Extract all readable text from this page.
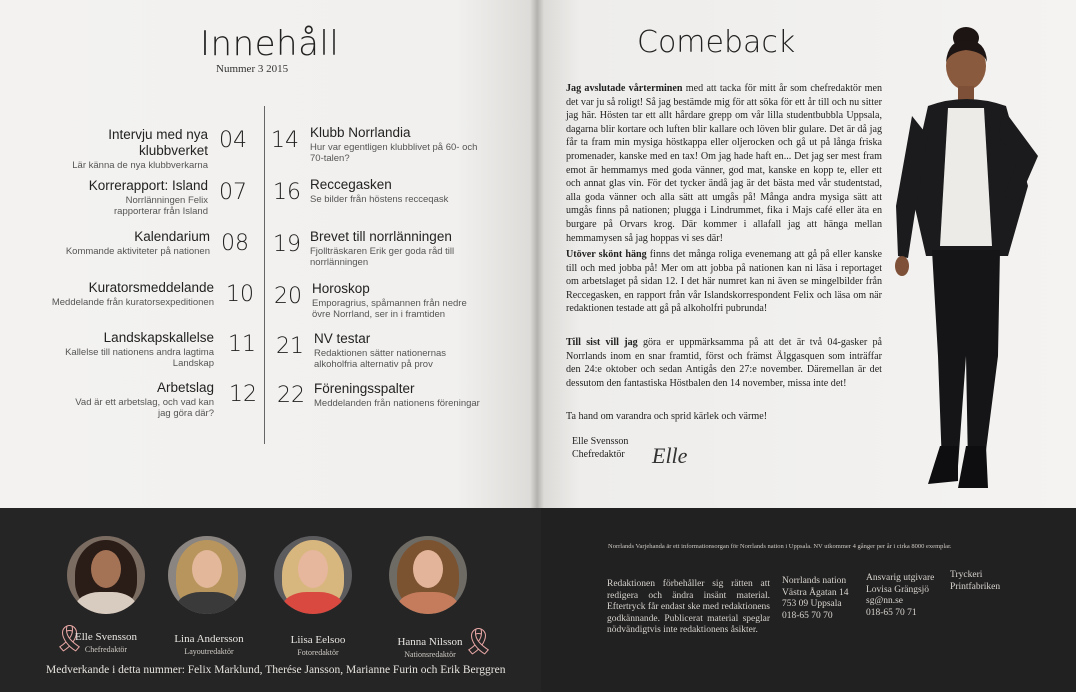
Innehåll
Nummer 3 2015
Intervju med nya klubbverket
Lär känna de nya klubbverkarna
04
Korrerapport: Island
Norrlänningen Felix rapporterar från Island
07
Kalendarium
Kommande aktiviteter på nationen 08
Kuratorsmeddelande
Meddelande från kuratorsexpeditionen 10
Landskapskallelse
Kallelse till nationens andra lagtima Landskap
11
Arbetslag
Vad är ett arbetslag, och vad kan jag göra där?
12
14 Klubb Norrlandia
Hur var egentligen klubblivet på 60- och 70-talen?
16 Reccegasken
Se bilder från höstens recceqask
19 Brevet till norrlänningen
Fjollträskaren Erik ger goda råd till norrlänningen
20 Horoskop
Emporagrius, spåmannen från nedre övre Norrland, ser in i framtiden
21 NV testar
Redaktionen sätter nationernas alkoholfria alternativ på prov
22 Föreningsspalter
Meddelanden från nationens föreningar
🎗	🎗
Elle Svensson
Chefredaktör
Lina Andersson
Layoutredaktör
Liisa Eelsoo
Fotoredaktör
Hanna Nilsson
Nationsredaktör
Medverkande i detta nummer: Felix Marklund, Therése Jansson, Marianne Furin och Erik Berggren
Comeback
Jag avslutade vårterminen med att tacka för mitt år som chefredaktör men det var ju så roligt! Så jag bestämde mig för att söka för ett år till och nu sitter jag här. Hösten tar ett allt hårdare grepp om vår lilla studentbubbla Uppsala, dagarna blir kortare och luften blir kallare och löven blir gulare. Det är då jag får ta fram min mysiga höstkappa eller oljerocken och gå ut på långa friska promenader, kanske med en tax! Om jag hade haft en... Det jag ser mest fram emot är hemmamys med goda vänner, god mat, kanske en kopp te, eller ett och annat glas vin. För det tycker ändå jag är det bästa med vår studentstad, alla goda vänner och alla sätt att umgås på! Många andra mysiga sätt att umgås finns på nationen; plugga i Lindrummet, fika i Majs café eller äta en burgare på Orvars krog. Där kommer i allafall jag att hänga mellan hemmamysen så jag hoppas vi ses där!
Utöver skönt häng finns det många roliga evenemang att gå på eller kanske till och med jobba på! Mer om att jobba på nationen kan ni läsa i reportaget om arbetslaget på sidan 12. I det här numret kan ni även se mingelbilder från Reccegasken, en rapport från vår Islandskorrespondent Felix och läsa om när redaktionen testade att gå på alkoholfri pubrunda!
Till sist vill jag göra er uppmärksamma på att det är två 04-gasker på Norrlands inom en snar framtid, först och främst Älggasquen som inträffar den 24:e oktober och sedan Antigås den 27:e november. Däremellan är det dessutom den fantastiska Höstbalen den 14 november, missa inte det!
Ta hand om varandra och sprid kärlek och värme!
Elle Svensson
Chefredaktör Elle
Norrlands Varjehanda är ett informationsorgan för Norrlands nation i Uppsala. NV utkommer 4 gånger per år i cirka 8000 exemplar.
Redaktionen förbehåller sig rätten att redigera och ändra insänt material. Eftertryck får endast ske med redaktionens godkännande. Publicerat material speglar nödvändigtvis inte redaktionens åsikter.
Norrlands nation
Västra Ågatan 14
753 09 Uppsala
018-65 70 70
Ansvarig utgivare
Lovisa Grängsjö
sg@nn.se
018-65 70 71
Tryckeri
Printfabriken
